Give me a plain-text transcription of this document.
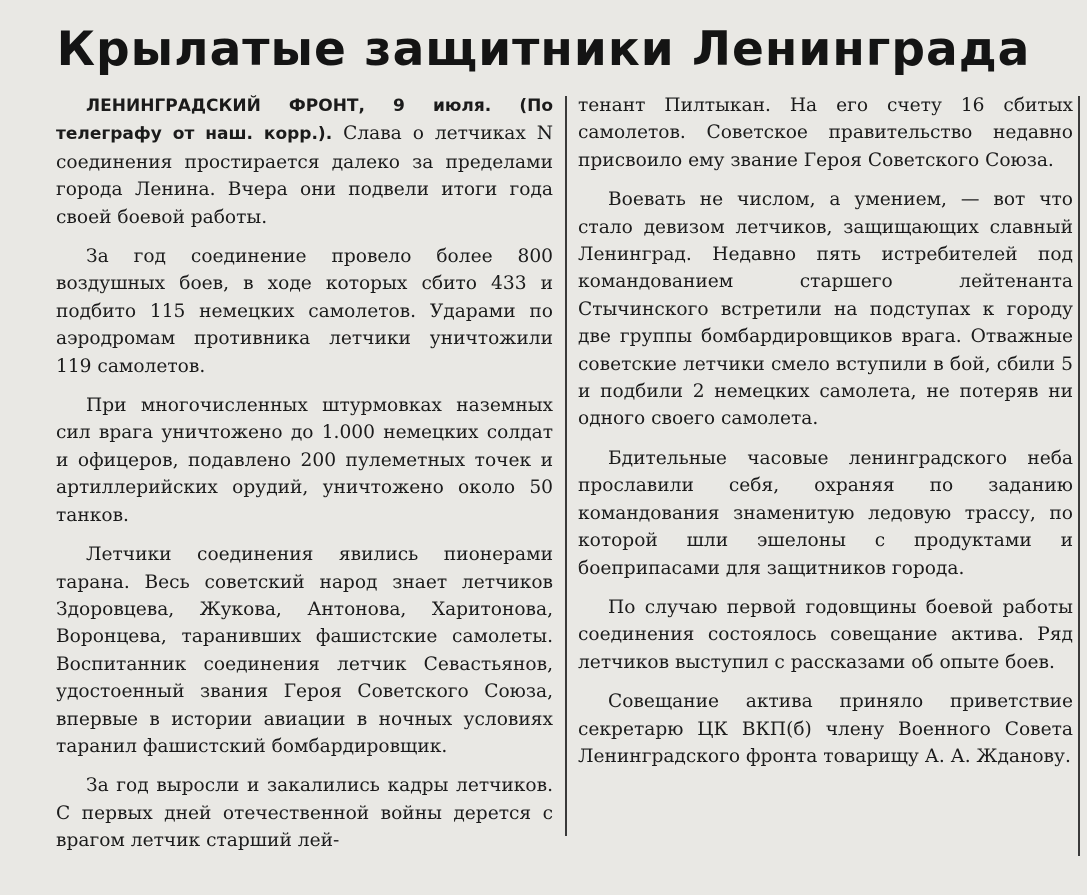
Крылатые защитники Ленинграда

ЛЕНИНГРАДСКИЙ ФРОНТ, 9 июля. (По телеграфу от наш. корр.). Слава о летчиках N соединения простирается далеко за пределами города Ленина. Вчера они подвели итоги года своей боевой работы.

За год соединение провело более 800 воздушных боев, в ходе которых сбито 433 и подбито 115 немецких самолетов. Ударами по аэродромам противника летчики уничтожили 119 самолетов.

При многочисленных штурмовках наземных сил врага уничтожено до 1.000 немецких солдат и офицеров, подавлено 200 пулеметных точек и артиллерийских орудий, уничтожено около 50 танков.

Летчики соединения явились пионерами тарана. Весь советский народ знает летчиков Здоровцева, Жукова, Антонова, Харитонова, Воронцева, таранивших фашистские самолеты. Воспитанник соединения летчик Севастьянов, удостоенный звания Героя Советского Союза, впервые в истории авиации в ночных условиях таранил фашистский бомбардировщик.

За год выросли и закалились кадры летчиков. С первых дней отечественной войны дерется с врагом летчик старший лей-

тенант Пилтыкан. На его счету 16 сбитых самолетов. Советское правительство недавно присвоило ему звание Героя Советского Союза.

Воевать не числом, а умением, — вот что стало девизом летчиков, защищающих славный Ленинград. Недавно пять истребителей под командованием старшего лейтенанта Стычинского встретили на подступах к городу две группы бомбардировщиков врага. Отважные советские летчики смело вступили в бой, сбили 5 и подбили 2 немецких самолета, не потеряв ни одного своего самолета.

Бдительные часовые ленинградского неба прославили себя, охраняя по заданию командования знаменитую ледовую трассу, по которой шли эшелоны с продуктами и боеприпасами для защитников города.

По случаю первой годовщины боевой работы соединения состоялось совещание актива. Ряд летчиков выступил с рассказами об опыте боев.

Совещание актива приняло приветствие секретарю ЦК ВКП(б) члену Военного Совета Ленинградского фронта товарищу А. А. Жданову.
